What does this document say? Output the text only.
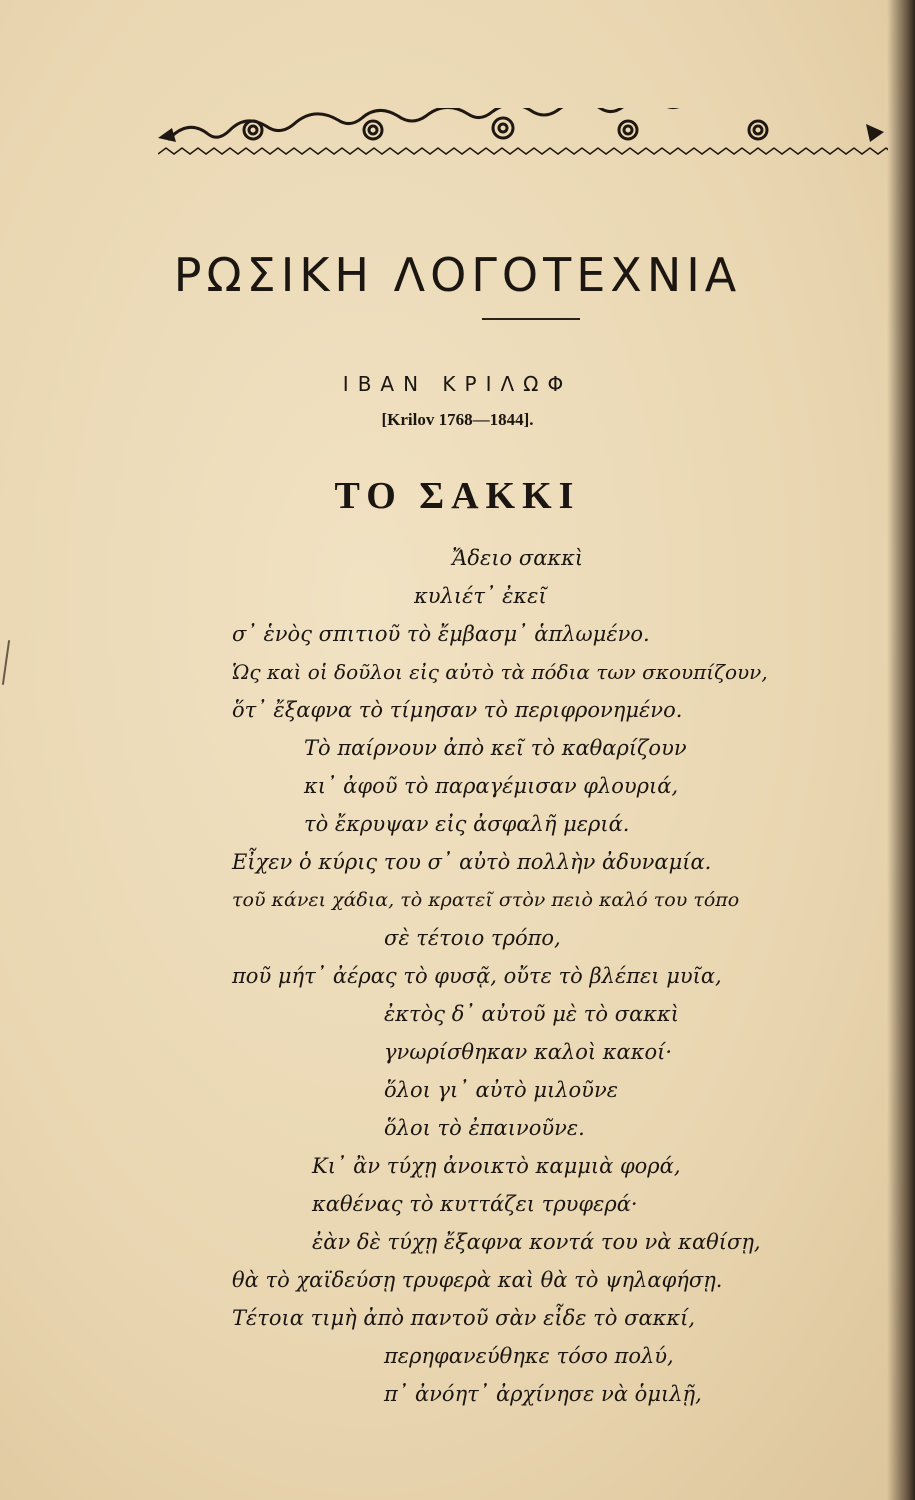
ΡΩΣΙΚΗ ΛΟΓΟΤΕΧΝΙΑ

ΙΒΑΝ ΚΡΙΛΩΦ

[Krilov 1768—1844].

ΤΟ ΣΑΚΚΙ
Ἄδειο σακκὶ
κυλιέτ᾽ ἐκεῖ
σ᾽ ἑνὸς σπιτιοῦ τὸ ἔμβασμ᾽ ἁπλωμένο.
Ὡς καὶ οἱ δοῦλοι εἰς αὐτὸ τὰ πόδια των σκουπίζουν,
ὅτ᾽ ἔξαφνα τὸ τίμησαν τὸ περιφρονημένο.
Τὸ παίρνουν ἀπὸ κεῖ τὸ καθαρίζουν
κι᾽ ἀφοῦ τὸ παραγέμισαν φλουριά,
τὸ ἔκρυψαν εἰς ἀσφαλῆ μεριά.
Εἶχεν ὁ κύρις του σ᾽ αὐτὸ πολλὴν ἀδυναμία.
τοῦ κάνει χάδια, τὸ κρατεῖ στὸν πειὸ καλό του τόπο
σὲ τέτοιο τρόπο,
ποῦ μήτ᾽ ἀέρας τὸ φυσᾷ, οὔτε τὸ βλέπει μυῖα,
ἐκτὸς δ᾽ αὐτοῦ μὲ τὸ σακκὶ
γνωρίσθηκαν καλοὶ κακοί·
ὅλοι γι᾽ αὐτὸ μιλοῦνε
ὅλοι τὸ ἐπαινοῦνε.
Κι᾽ ἂν τύχῃ ἀνοικτὸ καμμιὰ φορά,
καθένας τὸ κυττάζει τρυφερά·
ἐὰν δὲ τύχῃ ἔξαφνα κοντά του νὰ καθίσῃ,
θὰ τὸ χαϊδεύσῃ τρυφερὰ καὶ θὰ τὸ ψηλαφήσῃ.
Τέτοια τιμὴ ἀπὸ παντοῦ σὰν εἶδε τὸ σακκί,
περηφανεύθηκε τόσο πολύ,
π᾽ ἀνόητ᾽ ἀρχίνησε νὰ ὁμιλῇ,
